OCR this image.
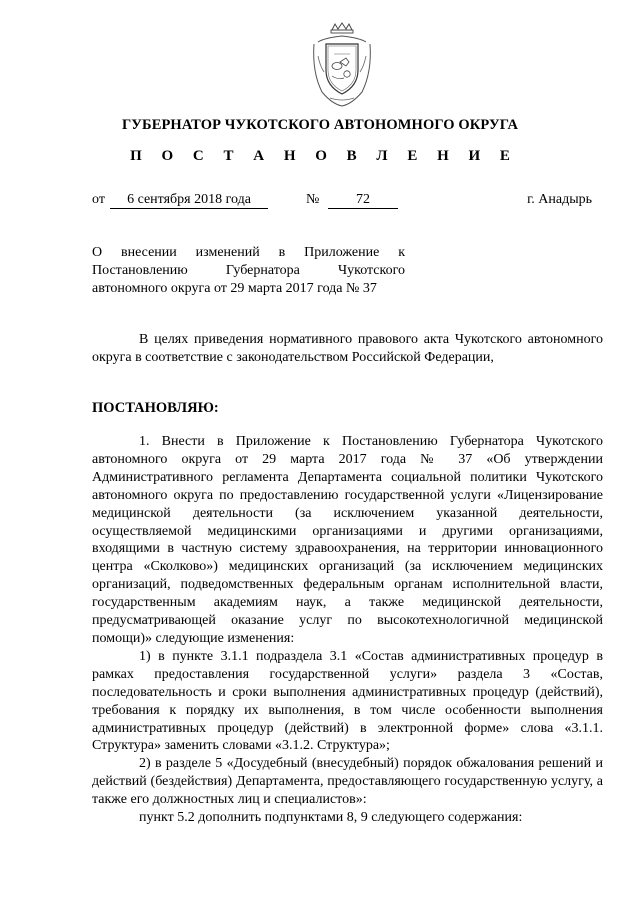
ГУБЕРНАТОР ЧУКОТСКОГО АВТОНОМНОГО ОКРУГА
П О С Т А Н О В Л Е Н И Е
от	6 сентября 2018 года	№	72	г. Анадырь
О внесении изменений в Приложение к
Постановлению Губернатора Чукотского
автономного округа от 29 марта 2017 года № 37

В целях приведения нормативного правового акта Чукотского автономного округа в соответствие с законодательством Российской Федерации,

ПОСТАНОВЛЯЮ:

1. Внести в Приложение к Постановлению Губернатора Чукотского автономного округа от 29 марта 2017 года № 37 «Об утверждении Административного регламента Департамента социальной политики Чукотского автономного округа по предоставлению государственной услуги «Лицензирование медицинской деятельности (за исключением указанной деятельности, осуществляемой медицинскими организациями и другими организациями, входящими в частную систему здравоохранения, на территории инновационного центра «Сколково») медицинских организаций (за исключением медицинских организаций, подведомственных федеральным органам исполнительной власти, государственным академиям наук, а также медицинской деятельности, предусматривающей оказание услуг по высокотехнологичной медицинской помощи)» следующие изменения:

1) в пункте 3.1.1 подраздела 3.1 «Состав административных процедур в рамках предоставления государственной услуги» раздела 3 «Состав, последовательность и сроки выполнения административных процедур (действий), требования к порядку их выполнения, в том числе особенности выполнения административных процедур (действий) в электронной форме» слова «3.1.1. Структура» заменить словами «3.1.2. Структура»;

2) в разделе 5 «Досудебный (внесудебный) порядок обжалования решений и действий (бездействия) Департамента, предоставляющего государственную услугу, а также его должностных лиц и специалистов»:

пункт 5.2 дополнить подпунктами 8, 9 следующего содержания:
